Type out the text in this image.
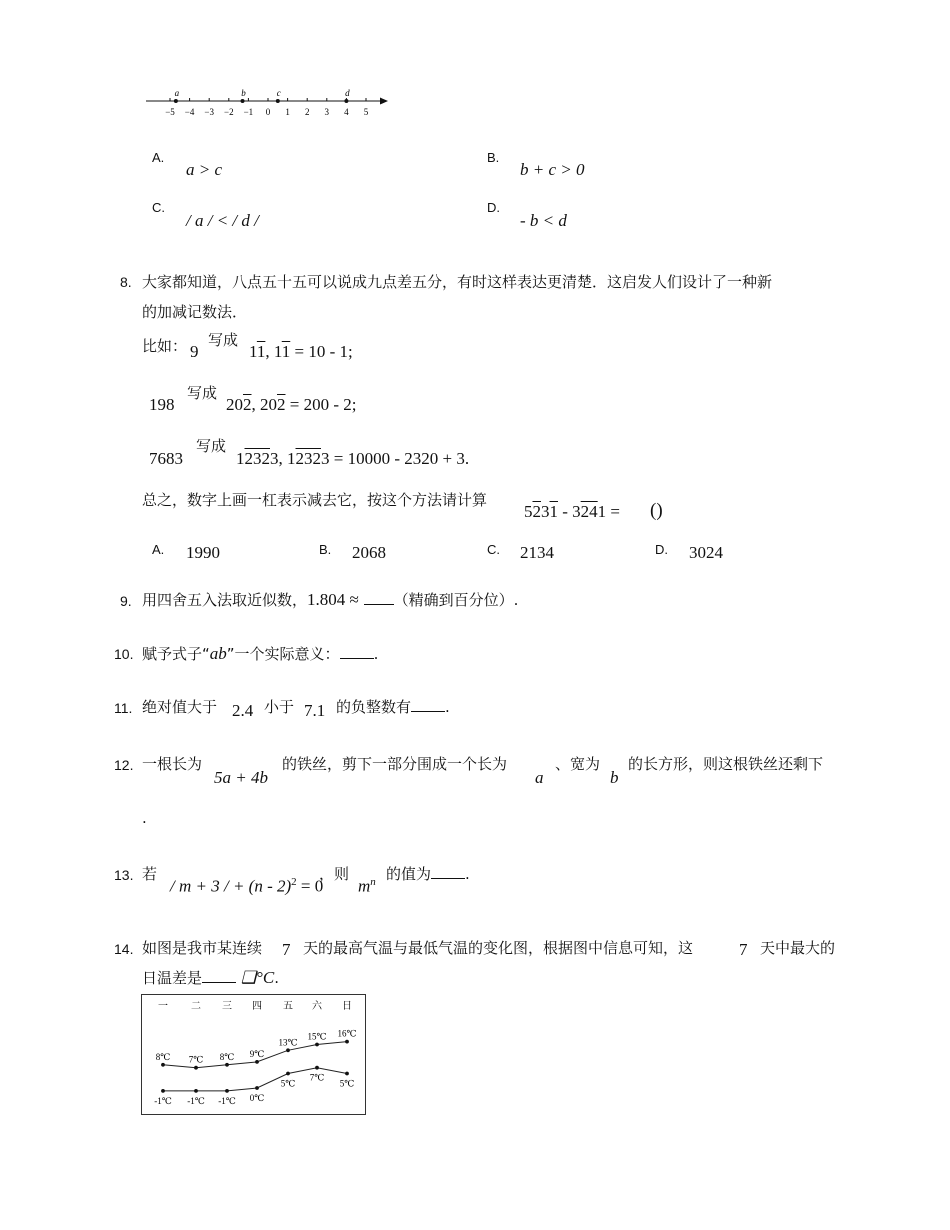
−5 −4 −3 −2 −1 0 1 2 3 4 5
a	b	c	d
A.
a > c
B.
b + c > 0
C.
/ a / < / d /
D.
- b < d
8. 大家都知道，八点五十五可以说成九点差五分，有时这样表达更清楚．这启发人们设计了一种新
的加减记数法．
比如： 9
写成
11, 11 = 10 - 1;
198
写成
202, 202 = 200 - 2;
7683
写成
12323, 12323 = 10000 - 2320 + 3.
总之，数字上画一杠表示减去它，按这个方法请计算
5231 - 3241 = ()
A. 1990	B. 2068	C. 2134	D. 3024
9. 用四舍五入法取近似数，1.804 ≈ （精确到百分位）.
10. 赋予式子“ab”一个实际意义： .
11. 绝对值大于 2.4 小于 7.1 的负整数有 .
12. 一根长为
5a + 4b
的铁丝，剪下一部分围成一个长为
a
、宽为
b
的长方形，则这根铁丝还剩下
.
13. 若
/ m + 3 / + (n - 2)$^2$ = 0
，则
$m^n$ 的值为 .
14. 如图是我市某连续 7 天的最高气温与最低气温的变化图，根据图中信息可知，这	7 天中最大的
日温差是 ❑°C.
一 二 三 四 五 六 日
8℃ 7℃ 8℃ 9℃
13℃
15℃ 16℃
-1℃ -1℃ -1℃ 0℃
5℃
7℃
5℃
